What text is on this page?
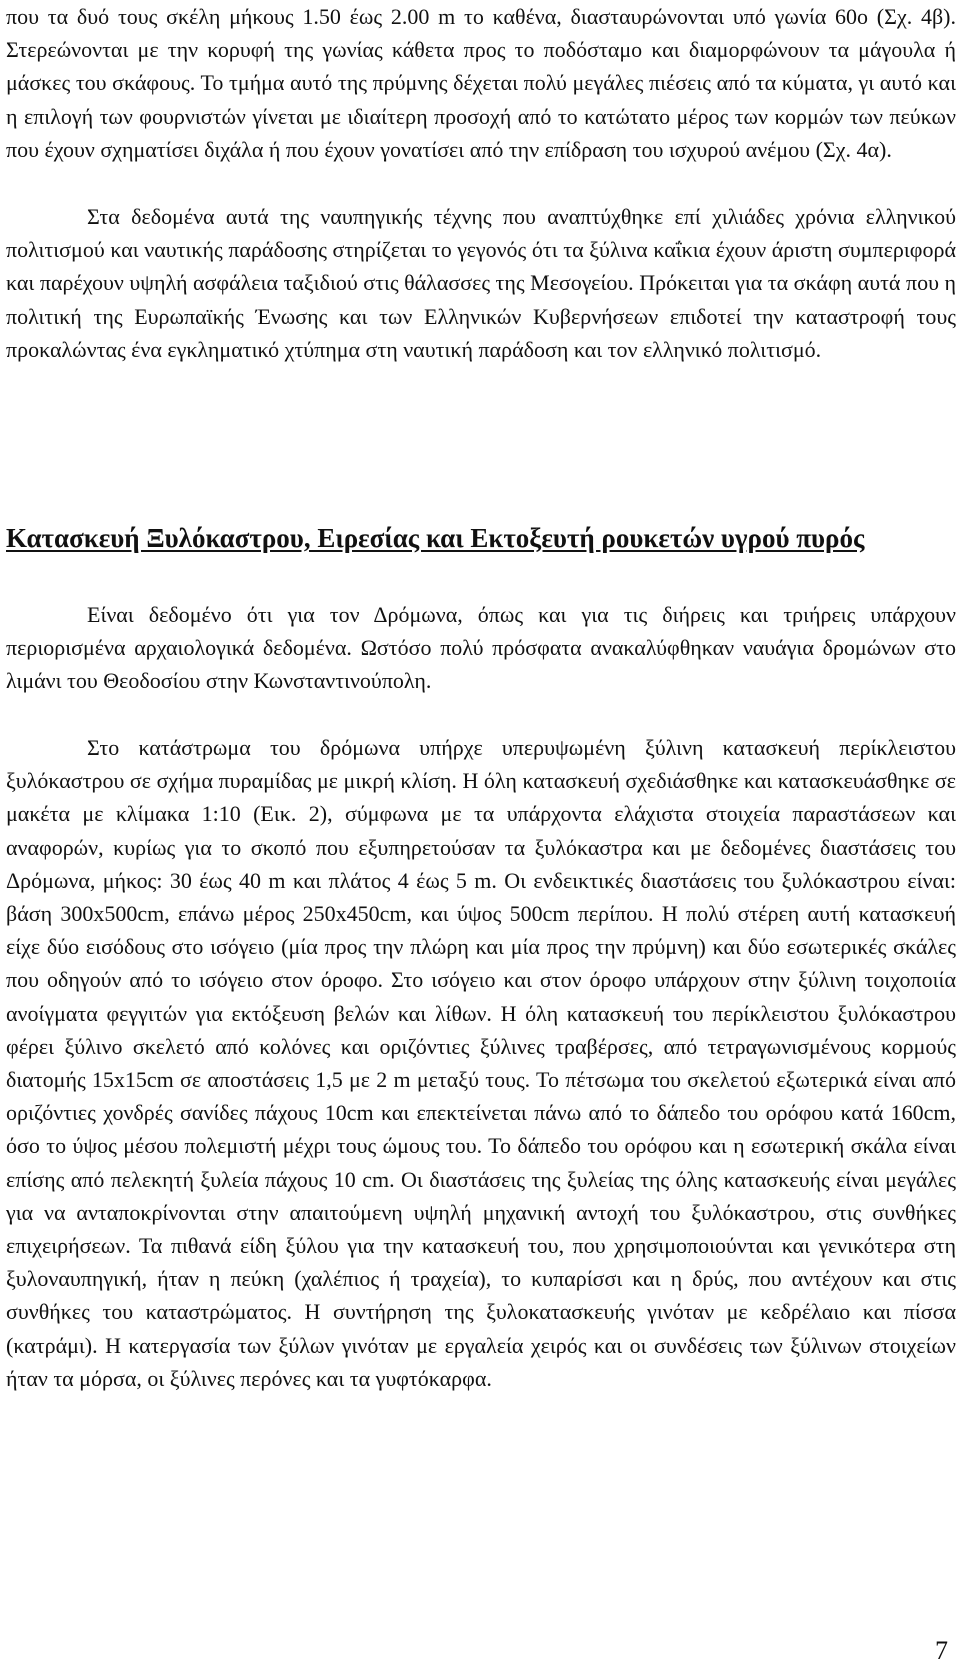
που τα δυό τους σκέλη μήκους 1.50 έως 2.00 m το καθένα, διασταυρώνονται υπό γωνία 60ο (Σχ. 4β). Στερεώνονται με την κορυφή της γωνίας κάθετα προς το ποδόσταμο και διαμορφώνουν τα μάγουλα ή μάσκες του σκάφους. Το τμήμα αυτό της πρύμνης δέχεται πολύ μεγάλες πιέσεις από τα κύματα, γι αυτό και η επιλογή των φουρνιστών γίνεται με ιδιαίτερη προσοχή από το κατώτατο μέρος των κορμών των πεύκων που έχουν σχηματίσει διχάλα ή που έχουν γονατίσει από την επίδραση του ισχυρού ανέμου (Σχ. 4α).

Στα δεδομένα αυτά της ναυπηγικής τέχνης που αναπτύχθηκε επί χιλιάδες χρόνια ελληνικού πολιτισμού και ναυτικής παράδοσης στηρίζεται το γεγονός ότι τα ξύλινα καΐκια έχουν άριστη συμπεριφορά και παρέχουν υψηλή ασφάλεια ταξιδιού στις θάλασσες της Μεσογείου. Πρόκειται για τα σκάφη αυτά που η πολιτική της Ευρωπαϊκής Ένωσης και των Ελληνικών Κυβερνήσεων επιδοτεί την καταστροφή τους προκαλώντας ένα εγκληματικό χτύπημα στη ναυτική παράδοση και τον ελληνικό πολιτισμό.

Κατασκευή Ξυλόκαστρου, Ειρεσίας και Εκτοξευτή ρουκετών υγρού πυρός

Είναι δεδομένο ότι για τον Δρόμωνα, όπως και για τις διήρεις και τριήρεις υπάρχουν περιορισμένα αρχαιολογικά δεδομένα. Ωστόσο πολύ πρόσφατα ανακαλύφθηκαν ναυάγια δρομώνων στο λιμάνι του Θεοδοσίου στην Κωνσταντινούπολη.

Στο κατάστρωμα του δρόμωνα υπήρχε υπερυψωμένη ξύλινη κατασκευή περίκλειστου ξυλόκαστρου σε σχήμα πυραμίδας με μικρή κλίση. Η όλη κατασκευή σχεδιάσθηκε και κατασκευάσθηκε σε μακέτα με κλίμακα 1:10 (Εικ. 2), σύμφωνα με τα υπάρχοντα ελάχιστα στοιχεία παραστάσεων και αναφορών, κυρίως για το σκοπό που εξυπηρετούσαν τα ξυλόκαστρα και με δεδομένες διαστάσεις του Δρόμωνα, μήκος: 30 έως 40 m και πλάτος 4 έως 5 m. Οι ενδεικτικές διαστάσεις του ξυλόκαστρου είναι: βάση 300x500cm, επάνω μέρος 250x450cm, και ύψος 500cm περίπου. Η πολύ στέρεη αυτή κατασκευή είχε δύο εισόδους στο ισόγειο (μία προς την πλώρη και μία προς την πρύμνη) και δύο εσωτερικές σκάλες που οδηγούν από το ισόγειο στον όροφο. Στο ισόγειο και στον όροφο υπάρχουν στην ξύλινη τοιχοποιία ανοίγματα φεγγιτών για εκτόξευση βελών και λίθων. Η όλη κατασκευή του περίκλειστου ξυλόκαστρου φέρει ξύλινο σκελετό από κολόνες και οριζόντιες ξύλινες τραβέρσες, από τετραγωνισμένους κορμούς διατομής 15x15cm σε αποστάσεις 1,5 με 2 m μεταξύ τους. Το πέτσωμα του σκελετού εξωτερικά είναι από οριζόντιες χονδρές σανίδες πάχους 10cm και επεκτείνεται πάνω από το δάπεδο του ορόφου κατά 160cm, όσο το ύψος μέσου πολεμιστή μέχρι τους ώμους του. Το δάπεδο του ορόφου και η εσωτερική σκάλα είναι επίσης από πελεκητή ξυλεία πάχους 10 cm. Οι διαστάσεις της ξυλείας της όλης κατασκευής είναι μεγάλες για να ανταποκρίνονται στην απαιτούμενη υψηλή μηχανική αντοχή του ξυλόκαστρου, στις συνθήκες επιχειρήσεων. Τα πιθανά είδη ξύλου για την κατασκευή του, που χρησιμοποιούνται και γενικότερα στη ξυλοναυπηγική, ήταν η πεύκη (χαλέπιος ή τραχεία), το κυπαρίσσι και η δρύς, που αντέχουν και στις συνθήκες του καταστρώματος. Η συντήρηση της ξυλοκατασκευής γινόταν με κεδρέλαιο και πίσσα (κατράμι). Η κατεργασία των ξύλων γινόταν με εργαλεία χειρός και οι συνδέσεις των ξύλινων στοιχείων ήταν τα μόρσα, οι ξύλινες περόνες και τα γυφτόκαρφα.

7
